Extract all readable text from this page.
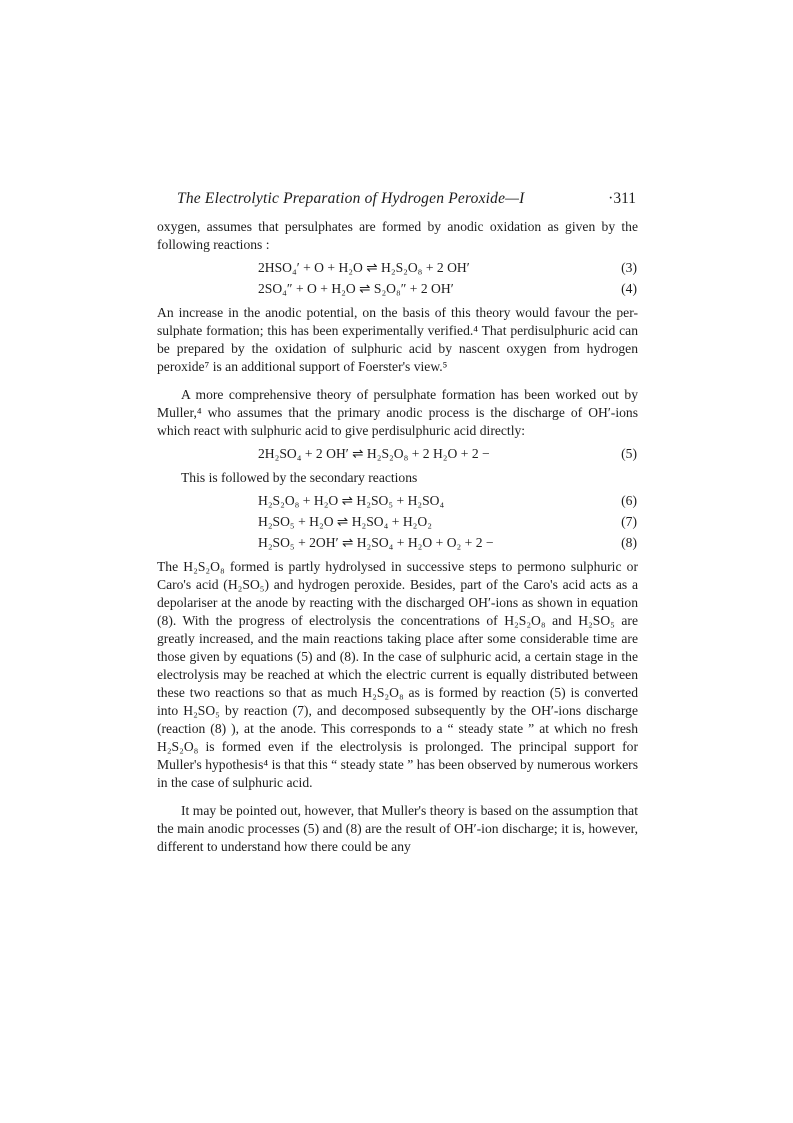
The Electrolytic Preparation of Hydrogen Peroxide—I	·311

oxygen, assumes that persulphates are formed by anodic oxidation as given by the following reactions :

2HSO₄′ + O + H₂O ⇌ H₂S₂O₈ + 2 OH′	(3)
2SO₄″ + O + H₂O ⇌ S₂O₈″ + 2 OH′	(4)

An increase in the anodic potential, on the basis of this theory would favour the per-sulphate formation; this has been experimentally verified.⁴ That perdisulphuric acid can be prepared by the oxidation of sulphuric acid by nascent oxygen from hydrogen peroxide⁷ is an additional support of Foerster's view.⁵

A more comprehensive theory of persulphate formation has been worked out by Muller,⁴ who assumes that the primary anodic process is the discharge of OH′-ions which react with sulphuric acid to give perdisulphuric acid directly:

2H₂SO₄ + 2 OH′ ⇌ H₂S₂O₈ + 2 H₂O + 2 −	(5)

This is followed by the secondary reactions

H₂S₂O₈ + H₂O ⇌ H₂SO₅ + H₂SO₄	(6)
H₂SO₅ + H₂O ⇌ H₂SO₄ + H₂O₂	(7)
H₂SO₅ + 2OH′ ⇌ H₂SO₄ + H₂O + O₂ + 2 −	(8)

The H₂S₂O₈ formed is partly hydrolysed in successive steps to permono sulphuric or Caro's acid (H₂SO₅) and hydrogen peroxide. Besides, part of the Caro's acid acts as a depolariser at the anode by reacting with the discharged OH′-ions as shown in equation (8). With the progress of electrolysis the concentrations of H₂S₂O₈ and H₂SO₅ are greatly increased, and the main reactions taking place after some considerable time are those given by equations (5) and (8). In the case of sulphuric acid, a certain stage in the electrolysis may be reached at which the electric current is equally distributed between these two reactions so that as much H₂S₂O₈ as is formed by reaction (5) is converted into H₂SO₅ by reaction (7), and decomposed subsequently by the OH′-ions discharge (reaction (8) ), at the anode. This corresponds to a “ steady state ” at which no fresh H₂S₂O₈ is formed even if the electrolysis is prolonged. The principal support for Muller's hypothesis⁴ is that this “ steady state ” has been observed by numerous workers in the case of sulphuric acid.

It may be pointed out, however, that Muller's theory is based on the assumption that the main anodic processes (5) and (8) are the result of OH′-ion discharge; it is, however, different to understand how there could be any
